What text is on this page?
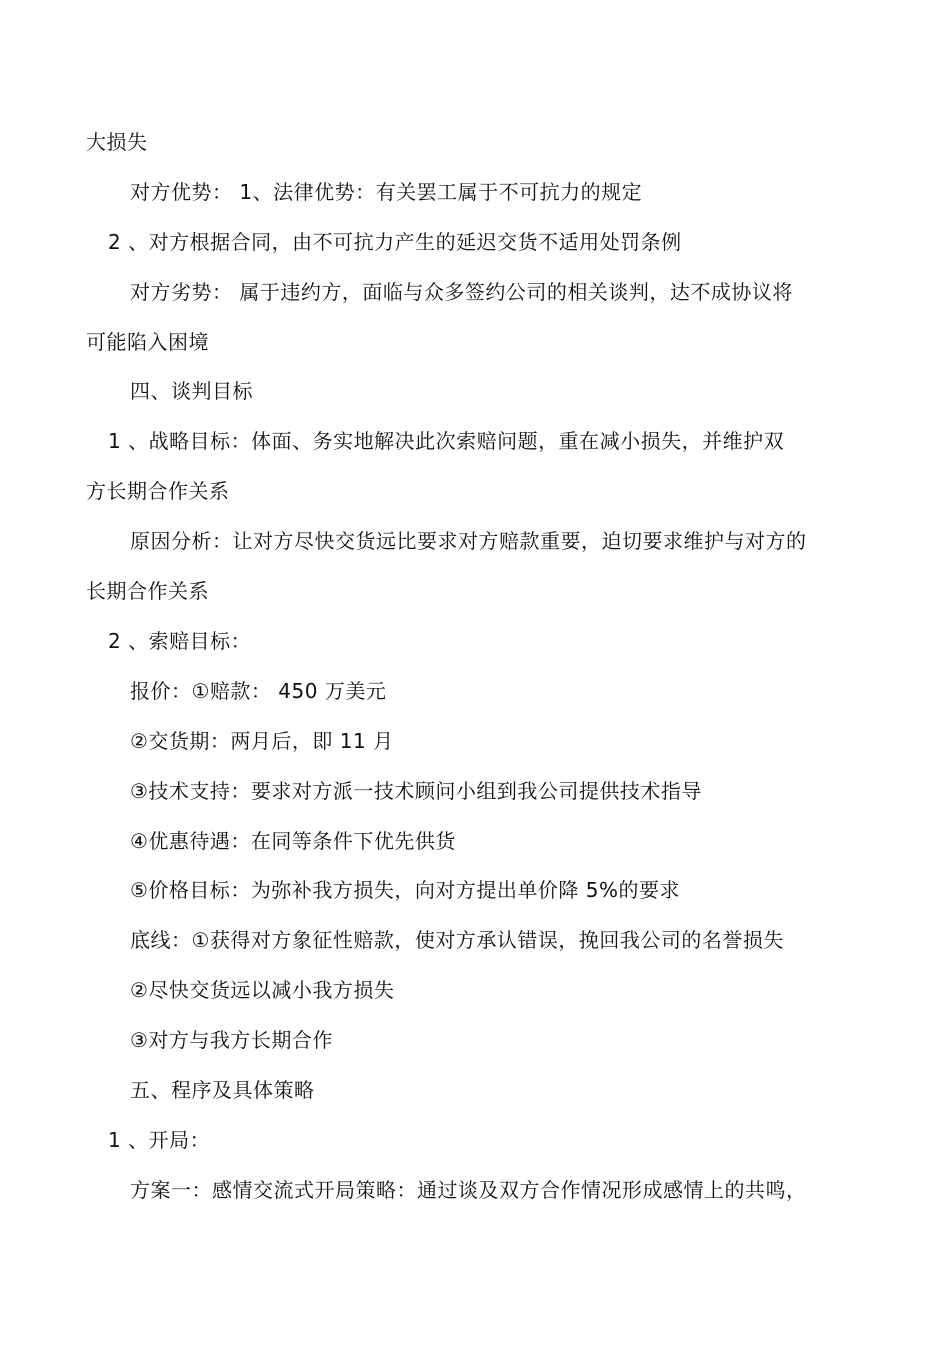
大损失
对方优势： 1、法律优势：有关罢工属于不可抗力的规定
2 、对方根据合同，由不可抗力产生的延迟交货不适用处罚条例
对方劣势： 属于违约方，面临与众多签约公司的相关谈判，达不成协议将
可能陷入困境
四、谈判目标
1 、战略目标：体面、务实地解决此次索赔问题，重在减小损失，并维护双
方长期合作关系
原因分析：让对方尽快交货远比要求对方赔款重要，迫切要求维护与对方的
长期合作关系
2 、索赔目标：
报价：①赔款： 450 万美元
②交货期：两月后，即 11 月
③技术支持：要求对方派一技术顾问小组到我公司提供技术指导
④优惠待遇：在同等条件下优先供货
⑤价格目标：为弥补我方损失，向对方提出单价降 5%的要求
底线：①获得对方象征性赔款，使对方承认错误，挽回我公司的名誉损失
②尽快交货远以减小我方损失
③对方与我方长期合作
五、程序及具体策略
1 、开局：
方案一：感情交流式开局策略：通过谈及双方合作情况形成感情上的共鸣，
